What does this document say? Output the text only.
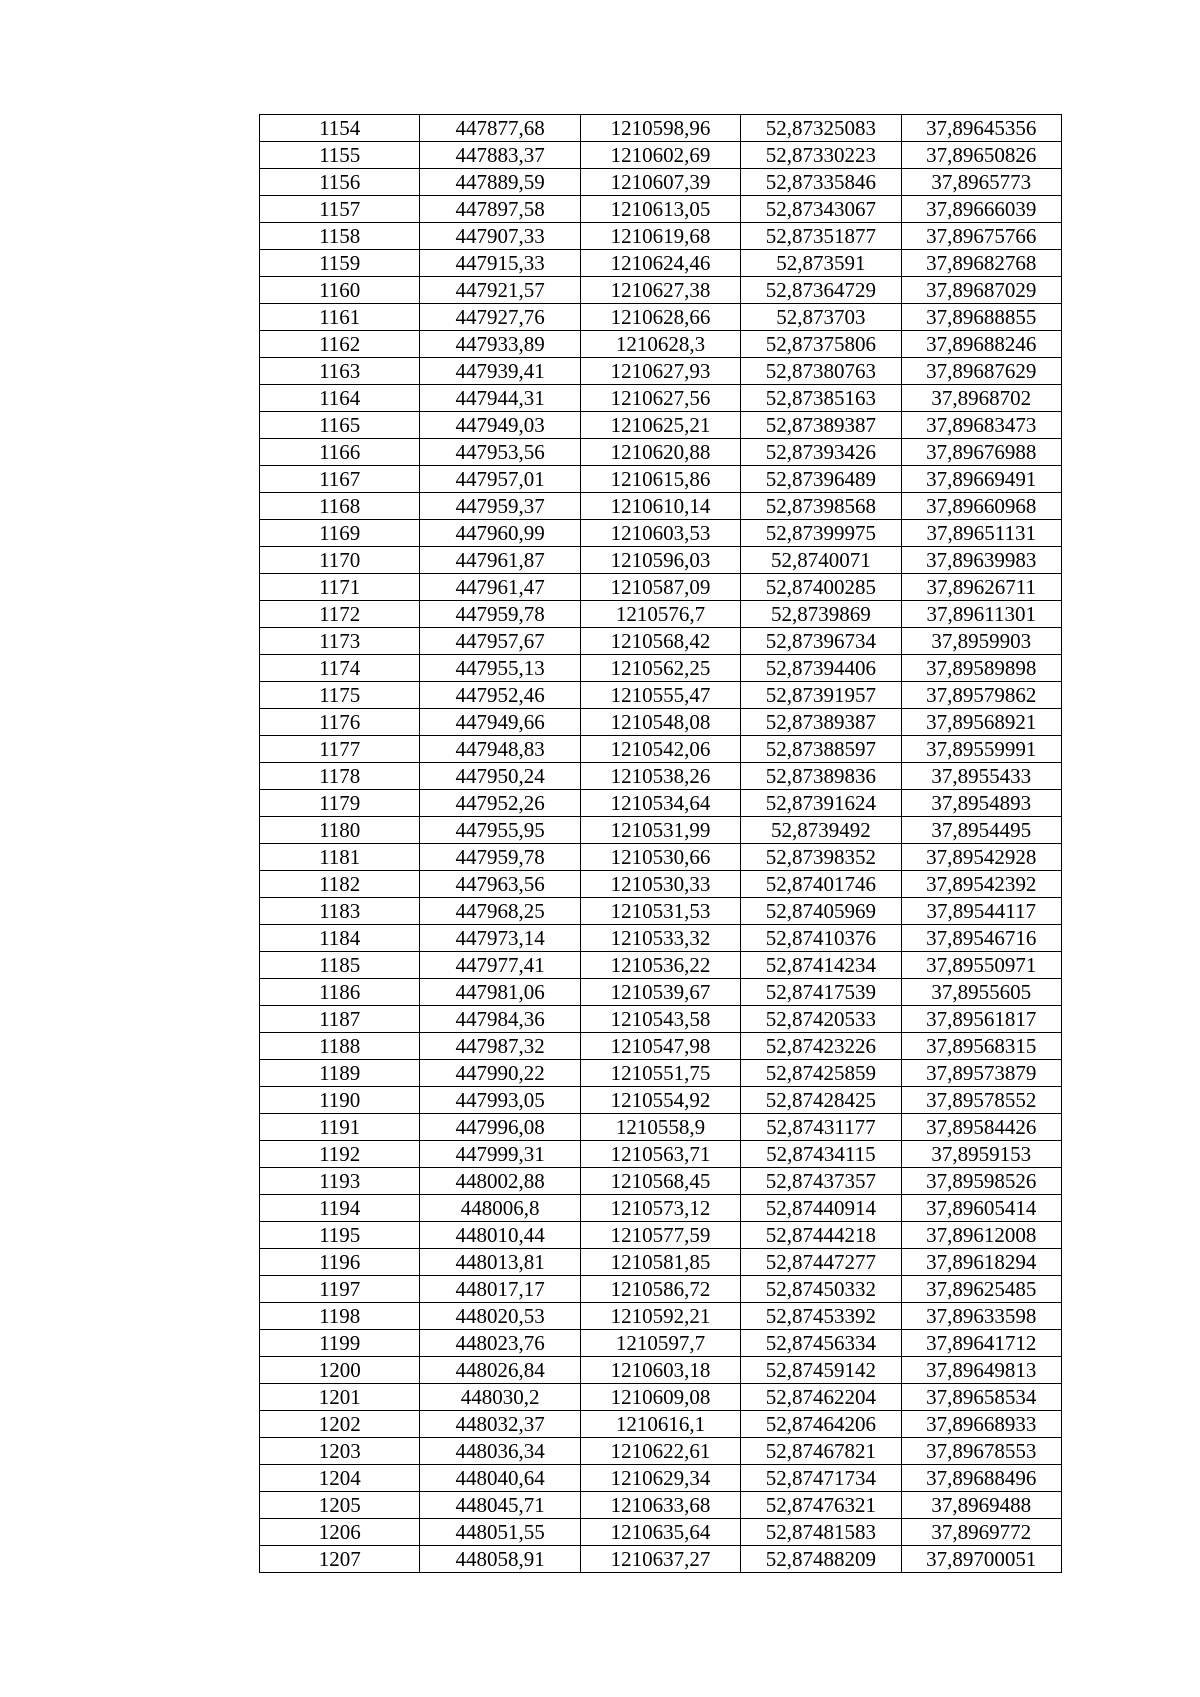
1154	447877,68	1210598,96	52,87325083	37,89645356
1155	447883,37	1210602,69	52,87330223	37,89650826
1156	447889,59	1210607,39	52,87335846	37,8965773
1157	447897,58	1210613,05	52,87343067	37,89666039
1158	447907,33	1210619,68	52,87351877	37,89675766
1159	447915,33	1210624,46	52,873591	37,89682768
1160	447921,57	1210627,38	52,87364729	37,89687029
1161	447927,76	1210628,66	52,873703	37,89688855
1162	447933,89	1210628,3	52,87375806	37,89688246
1163	447939,41	1210627,93	52,87380763	37,89687629
1164	447944,31	1210627,56	52,87385163	37,8968702
1165	447949,03	1210625,21	52,87389387	37,89683473
1166	447953,56	1210620,88	52,87393426	37,89676988
1167	447957,01	1210615,86	52,87396489	37,89669491
1168	447959,37	1210610,14	52,87398568	37,89660968
1169	447960,99	1210603,53	52,87399975	37,89651131
1170	447961,87	1210596,03	52,8740071	37,89639983
1171	447961,47	1210587,09	52,87400285	37,89626711
1172	447959,78	1210576,7	52,8739869	37,89611301
1173	447957,67	1210568,42	52,87396734	37,8959903
1174	447955,13	1210562,25	52,87394406	37,89589898
1175	447952,46	1210555,47	52,87391957	37,89579862
1176	447949,66	1210548,08	52,87389387	37,89568921
1177	447948,83	1210542,06	52,87388597	37,89559991
1178	447950,24	1210538,26	52,87389836	37,8955433
1179	447952,26	1210534,64	52,87391624	37,8954893
1180	447955,95	1210531,99	52,8739492	37,8954495
1181	447959,78	1210530,66	52,87398352	37,89542928
1182	447963,56	1210530,33	52,87401746	37,89542392
1183	447968,25	1210531,53	52,87405969	37,89544117
1184	447973,14	1210533,32	52,87410376	37,89546716
1185	447977,41	1210536,22	52,87414234	37,89550971
1186	447981,06	1210539,67	52,87417539	37,8955605
1187	447984,36	1210543,58	52,87420533	37,89561817
1188	447987,32	1210547,98	52,87423226	37,89568315
1189	447990,22	1210551,75	52,87425859	37,89573879
1190	447993,05	1210554,92	52,87428425	37,89578552
1191	447996,08	1210558,9	52,87431177	37,89584426
1192	447999,31	1210563,71	52,87434115	37,8959153
1193	448002,88	1210568,45	52,87437357	37,89598526
1194	448006,8	1210573,12	52,87440914	37,89605414
1195	448010,44	1210577,59	52,87444218	37,89612008
1196	448013,81	1210581,85	52,87447277	37,89618294
1197	448017,17	1210586,72	52,87450332	37,89625485
1198	448020,53	1210592,21	52,87453392	37,89633598
1199	448023,76	1210597,7	52,87456334	37,89641712
1200	448026,84	1210603,18	52,87459142	37,89649813
1201	448030,2	1210609,08	52,87462204	37,89658534
1202	448032,37	1210616,1	52,87464206	37,89668933
1203	448036,34	1210622,61	52,87467821	37,89678553
1204	448040,64	1210629,34	52,87471734	37,89688496
1205	448045,71	1210633,68	52,87476321	37,8969488
1206	448051,55	1210635,64	52,87481583	37,8969772
1207	448058,91	1210637,27	52,87488209	37,89700051
